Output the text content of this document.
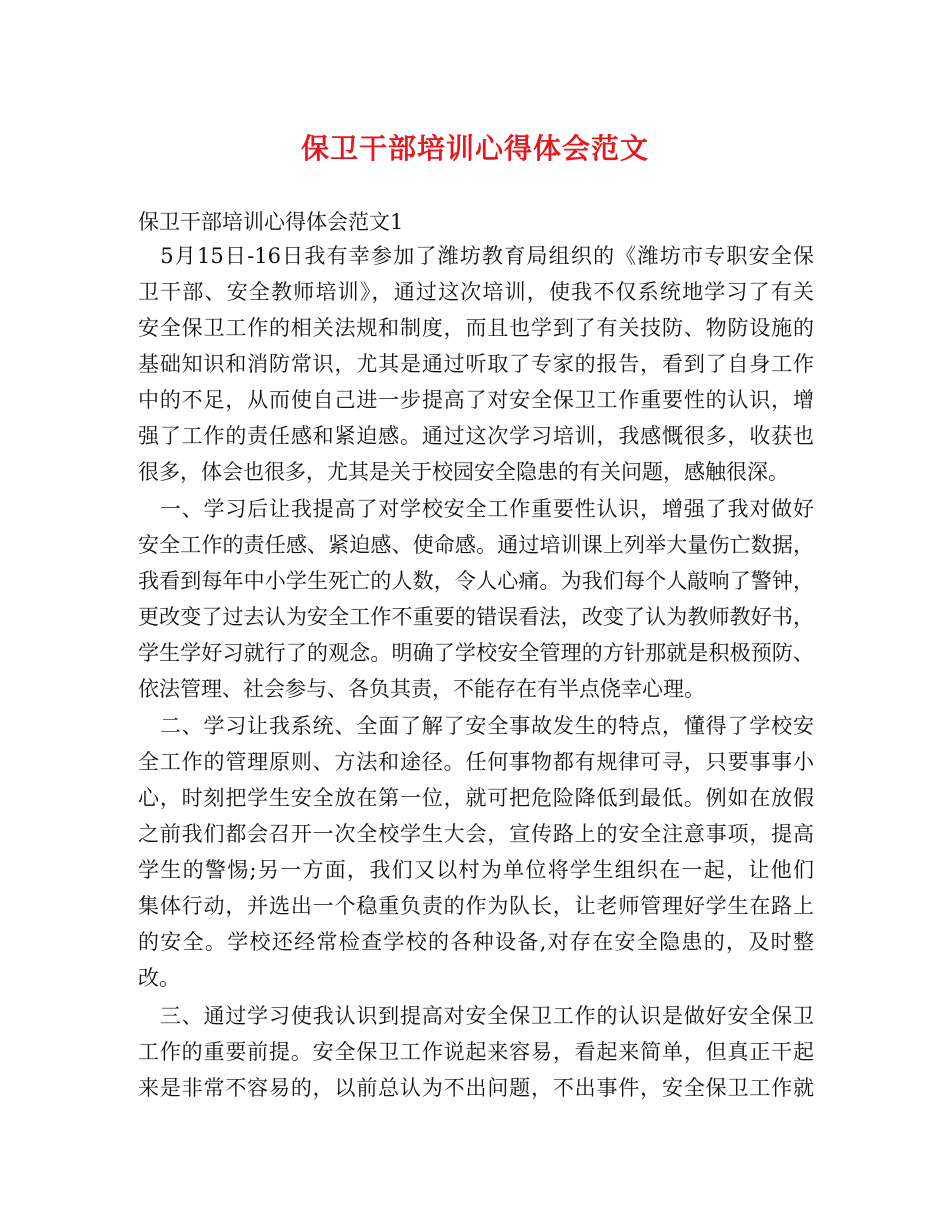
保卫干部培训心得体会范文
保卫干部培训心得体会范文1
　5月15日-16日我有幸参加了潍坊教育局组织的《潍坊市专职安全保
卫干部、安全教师培训》，通过这次培训，使我不仅系统地学习了有关
安全保卫工作的相关法规和制度，而且也学到了有关技防、物防设施的
基础知识和消防常识，尤其是通过听取了专家的报告，看到了自身工作
中的不足，从而使自己进一步提高了对安全保卫工作重要性的认识，增
强了工作的责任感和紧迫感。通过这次学习培训，我感慨很多，收获也
很多，体会也很多，尤其是关于校园安全隐患的有关问题，感触很深。
　一、学习后让我提高了对学校安全工作重要性认识，增强了我对做好
安全工作的责任感、紧迫感、使命感。通过培训课上列举大量伤亡数据，
我看到每年中小学生死亡的人数，令人心痛。为我们每个人敲响了警钟，
更改变了过去认为安全工作不重要的错误看法，改变了认为教师教好书，
学生学好习就行了的观念。明确了学校安全管理的方针那就是积极预防、
依法管理、社会参与、各负其责，不能存在有半点侥幸心理。
　二、学习让我系统、全面了解了安全事故发生的特点，懂得了学校安
全工作的管理原则、方法和途径。任何事物都有规律可寻，只要事事小
心，时刻把学生安全放在第一位，就可把危险降低到最低。例如在放假
之前我们都会召开一次全校学生大会，宣传路上的安全注意事项，提高
学生的警惕;另一方面，我们又以村为单位将学生组织在一起，让他们
集体行动，并选出一个稳重负责的作为队长，让老师管理好学生在路上
的安全。学校还经常检查学校的各种设备,对存在安全隐患的，及时整
改。
　三、通过学习使我认识到提高对安全保卫工作的认识是做好安全保卫
工作的重要前提。安全保卫工作说起来容易，看起来简单，但真正干起
来是非常不容易的，以前总认为不出问题，不出事件，安全保卫工作就
